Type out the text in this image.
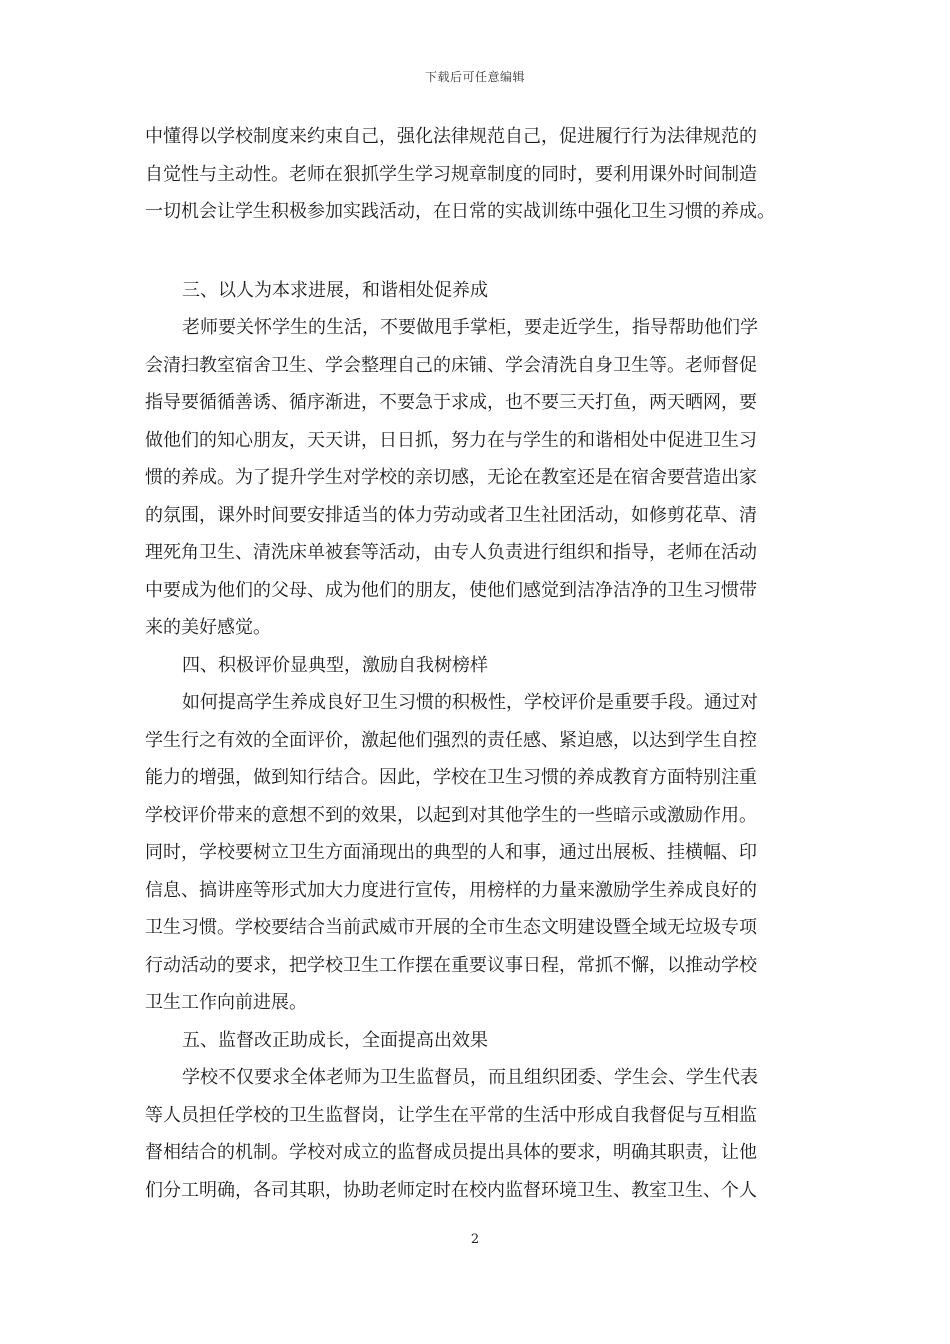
下载后可任意编辑
中懂得以学校制度来约束自己，强化法律规范自己，促进履行行为法律规范的
自觉性与主动性。老师在狠抓学生学习规章制度的同时，要利用课外时间制造
一切机会让学生积极参加实践活动，在日常的实战训练中强化卫生习惯的养成。
三、以人为本求进展，和谐相处促养成
老师要关怀学生的生活，不要做甩手掌柜，要走近学生，指导帮助他们学
会清扫教室宿舍卫生、学会整理自己的床铺、学会清洗自身卫生等。老师督促
指导要循循善诱、循序渐进，不要急于求成，也不要三天打鱼，两天晒网，要
做他们的知心朋友，天天讲，日日抓，努力在与学生的和谐相处中促进卫生习
惯的养成。为了提升学生对学校的亲切感，无论在教室还是在宿舍要营造出家
的氛围，课外时间要安排适当的体力劳动或者卫生社团活动，如修剪花草、清
理死角卫生、清洗床单被套等活动，由专人负责进行组织和指导，老师在活动
中要成为他们的父母、成为他们的朋友，使他们感觉到洁净洁净的卫生习惯带
来的美好感觉。
四、积极评价显典型，激励自我树榜样
如何提高学生养成良好卫生习惯的积极性，学校评价是重要手段。通过对
学生行之有效的全面评价，激起他们强烈的责任感、紧迫感，以达到学生自控
能力的增强，做到知行结合。因此，学校在卫生习惯的养成教育方面特别注重
学校评价带来的意想不到的效果，以起到对其他学生的一些暗示或激励作用。
同时，学校要树立卫生方面涌现出的典型的人和事，通过出展板、挂横幅、印
信息、搞讲座等形式加大力度进行宣传，用榜样的力量来激励学生养成良好的
卫生习惯。学校要结合当前武威市开展的全市生态文明建设暨全域无垃圾专项
行动活动的要求，把学校卫生工作摆在重要议事日程，常抓不懈，以推动学校
卫生工作向前进展。
五、监督改正助成长，全面提高出效果
学校不仅要求全体老师为卫生监督员，而且组织团委、学生会、学生代表
等人员担任学校的卫生监督岗，让学生在平常的生活中形成自我督促与互相监
督相结合的机制。学校对成立的监督成员提出具体的要求，明确其职责，让他
们分工明确，各司其职，协助老师定时在校内监督环境卫生、教室卫生、个人
2
